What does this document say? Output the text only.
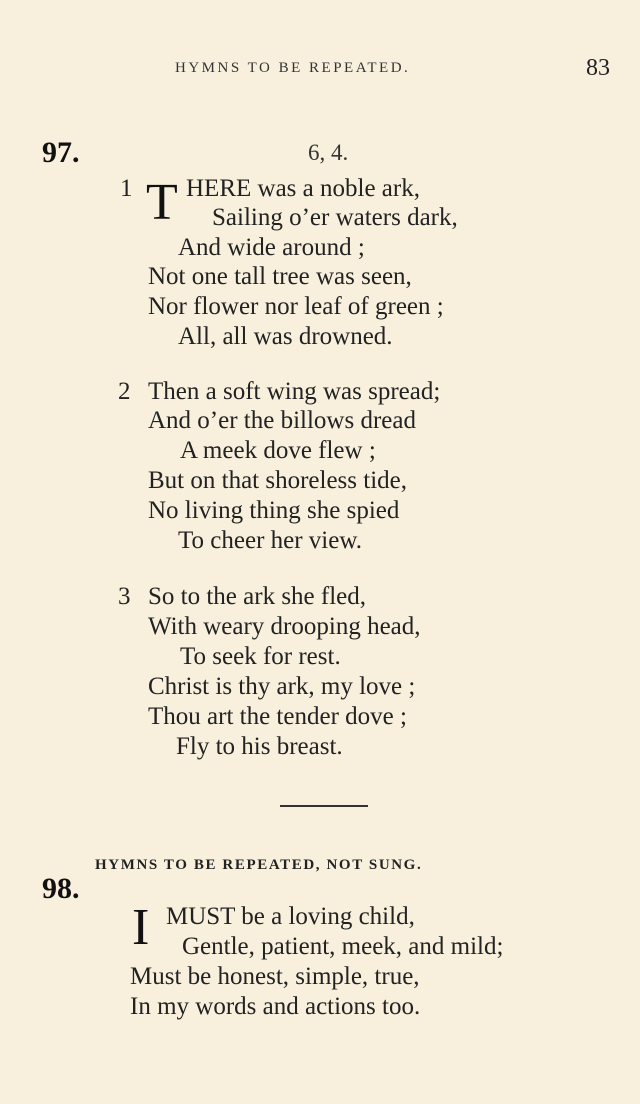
HYMNS TO BE REPEATED.	83
97.	6, 4.
1 T HERE was a noble ark,
Sailing o’er waters dark,
And wide around ;
Not one tall tree was seen,
Nor flower nor leaf of green ;
All, all was drowned.
2 Then a soft wing was spread;
And o’er the billows dread
A meek dove flew ;
But on that shoreless tide,
No living thing she spied
To cheer her view.
3 So to the ark she fled,
With weary drooping head,
To seek for rest.
Christ is thy ark, my love ;
Thou art the tender dove ;
Fly to his breast.
HYMNS TO BE REPEATED, NOT SUNG.
98.
I MUST be a loving child,
Gentle, patient, meek, and mild;
Must be honest, simple, true,
In my words and actions too.
